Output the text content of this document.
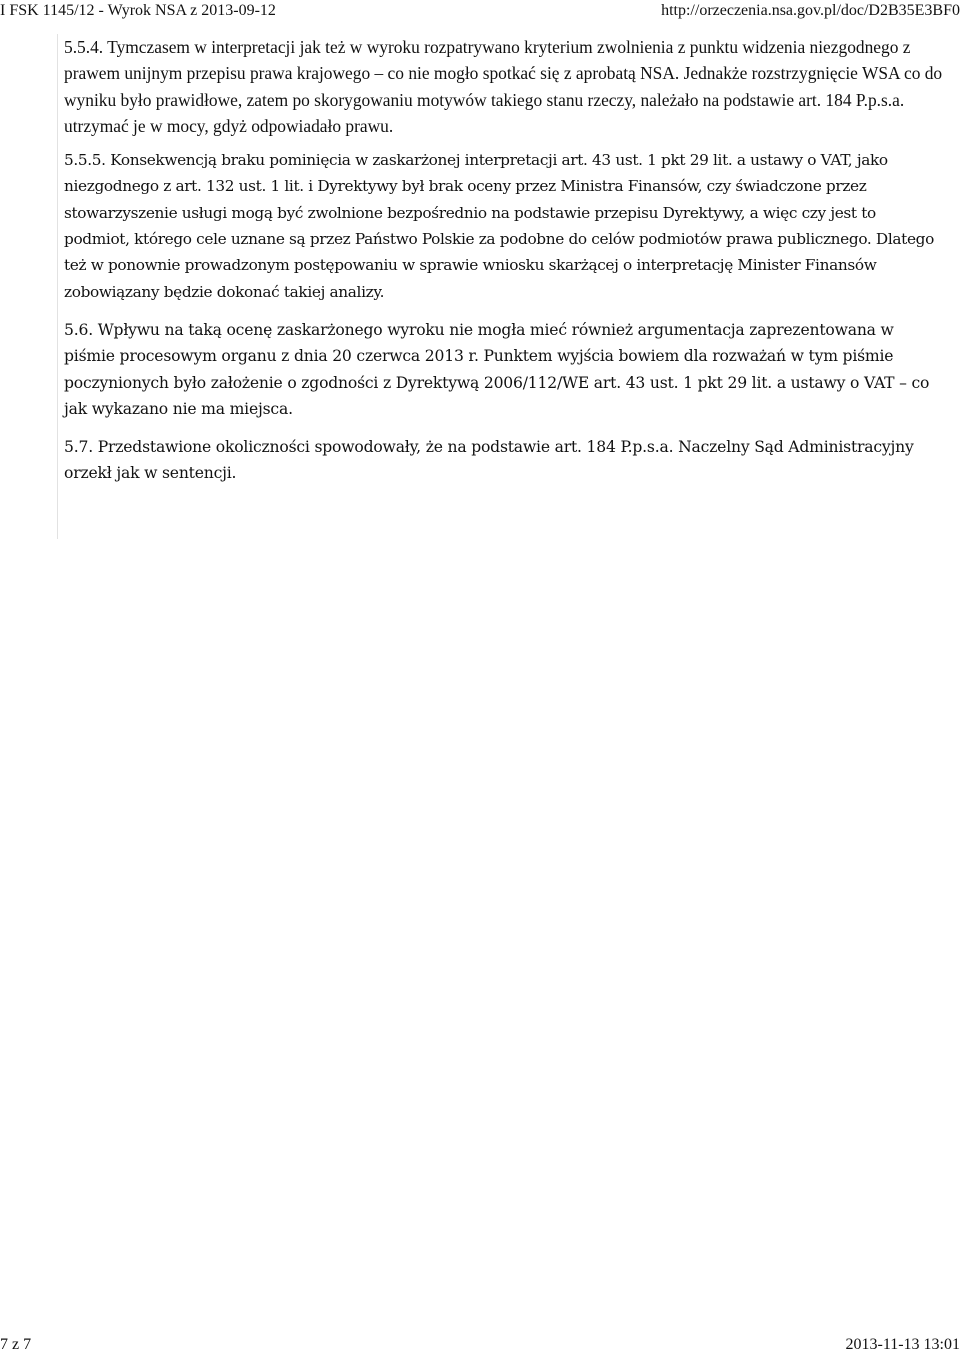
I FSK 1145/12 - Wyrok NSA z 2013-09-12	http://orzeczenia.nsa.gov.pl/doc/D2B35E3BF0

5.5.4. Tymczasem w interpretacji jak też w wyroku rozpatrywano kryterium zwolnienia z punktu widzenia niezgodnego z prawem unijnym przepisu prawa krajowego – co nie mogło spotkać się z aprobatą NSA. Jednakże rozstrzygnięcie WSA co do wyniku było prawidłowe, zatem po skorygowaniu motywów takiego stanu rzeczy, należało na podstawie art. 184 P.p.s.a. utrzymać je w mocy, gdyż odpowiadało prawu.

5.5.5. Konsekwencją braku pominięcia w zaskarżonej interpretacji art. 43 ust. 1 pkt 29 lit. a ustawy o VAT, jako niezgodnego z art. 132 ust. 1 lit. i Dyrektywy był brak oceny przez Ministra Finansów, czy świadczone przez stowarzyszenie usługi mogą być zwolnione bezpośrednio na podstawie przepisu Dyrektywy, a więc czy jest to podmiot, którego cele uznane są przez Państwo Polskie za podobne do celów podmiotów prawa publicznego. Dlatego też w ponownie prowadzonym postępowaniu w sprawie wniosku skarżącej o interpretację Minister Finansów zobowiązany będzie dokonać takiej analizy.

5.6. Wpływu na taką ocenę zaskarżonego wyroku nie mogła mieć również argumentacja zaprezentowana w piśmie procesowym organu z dnia 20 czerwca 2013 r. Punktem wyjścia bowiem dla rozważań w tym piśmie poczynionych było założenie o zgodności z Dyrektywą 2006/112/WE art. 43 ust. 1 pkt 29 lit. a ustawy o VAT – co jak wykazano nie ma miejsca.

5.7. Przedstawione okoliczności spowodowały, że na podstawie art. 184 P.p.s.a. Naczelny Sąd Administracyjny orzekł jak w sentencji.

7 z 7	2013-11-13 13:01
